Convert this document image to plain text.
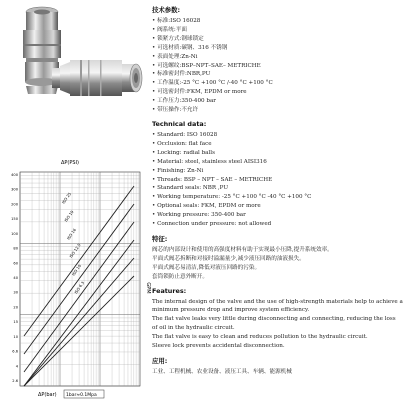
2.6
4
6.6
10
15
20
30
40
60
80
100
150
200
300
400
ISO 25
ISO 19
ISO 16
ISO 12.5
ISO 10
ISO 6.3
ΔP(PSI)
GPM
ΔP(bar) 1bar≈0.1Mpa
技术参数:
• 标准:ISO 16028
• 阀系统:平面
• 锁紧方式:钢球锁定
• 可选材质:碳钢、316 不锈钢
• 表面处理:Zn-Ni
• 可选螺纹:BSP–NPT–SAE– METRICHE
• 标准密封件:NBR,PU
• 工作温度:-25 °C +100 °C /-40 °C +100 °C
• 可选密封件:FKM, EPDM or more
• 工作压力:350-400 bar
• 带压操作:不允许
Technical data:
• Standard: ISO 16028
• Occlusion: flat face
• Locking: radial balls
• Material: steel, stainless steel AISI316
• Finishing: Zn-Ni
• Threads: BSP – NPT – SAE – METRICHE
• Standard seals: NBR ,PU
• Working temperature: -25 °C +100 °C -40 °C +100 °C
• Optional seals: FKM, EPDM or more
• Working pressure: 350-400 bar
• Connection under pressure: not allowed
特征:

阀芯的内部设计和使用的高强度材料有助于实现最小压降,提升系统效率。

平面式阀芯拆断和对接时溢漏量少,减少液压回路的油液损失。

平面式阀芯易清洁,降低对液压回路的污染。

套筒锁防止意外断开。

Features:

The internal design of the valve and the use of high-strength materials help to achieve a

minimum pressure drop and improve system efficiency.

The flat valve leaks very little during disconnecting and connecting, reducing the loss

of oil in the hydraulic circuit.

The flat valve is easy to clean and reduces pollution to the hydraulic circuit.

Sleeve lock prevents accidental disconnection.

应用:

工业、工程机械、农业设备、液压工具、车辆、能源机械
